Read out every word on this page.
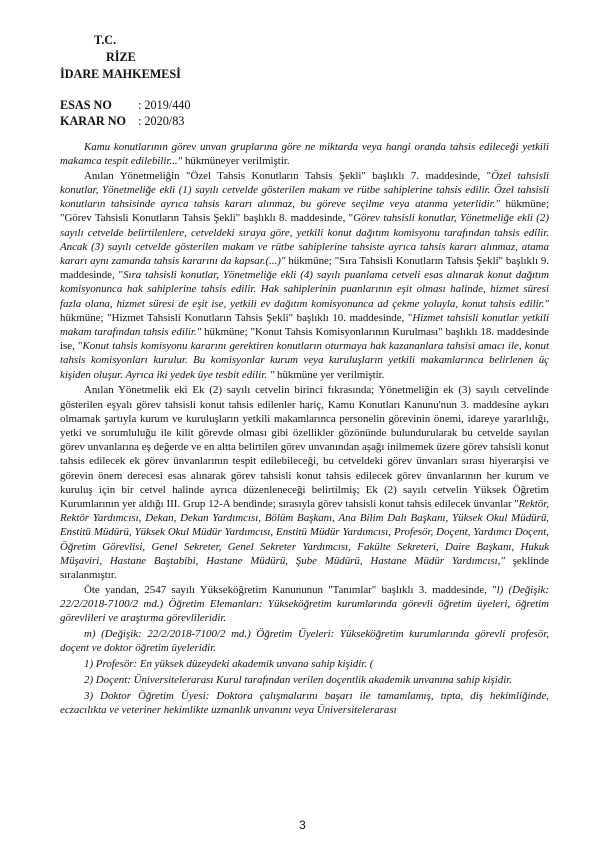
T.C.
RİZE
İDARE MAHKEMESİ
ESAS NO : 2019/440
KARAR NO : 2020/83

Kamu konutlarının görev unvan gruplarına göre ne miktarda veya hangi oranda tahsis edileceği yetkili makamca tespit edilebilir..." hükmüneyer verilmiştir.

Anılan Yönetmeliğin "Özel Tahsis Konutların Tahsis Şekli" başlıklı 7. maddesinde, "Özel tahsisli konutlar, Yönetmeliğe ekli (1) sayılı cetvelde gösterilen makam ve rütbe sahiplerine tahsis edilir. Özel tahsisli konutların tahsisinde ayrıca tahsis kararı alınmaz, bu göreve seçilme veya atanma yeterlidir." hükmüne; "Görev Tahsisli Konutların Tahsis Şekli" başlıklı 8. maddesinde, "Görev tahsisli konutlar, Yönetmeliğe ekli (2) sayılı cetvelde belirtilenlere, cetveldeki sıraya göre, yetkili konut dağıtım komisyonu tarafından tahsis edilir. Ancak (3) sayılı cetvelde gösterilen makam ve rütbe sahiplerine tahsiste ayrıca tahsis kararı alınmaz, atama kararı aynı zamanda tahsis kararını da kapsar.(...)" hükmüne; "Sıra Tahsisli Konutların Tahsis Şekli" başlıklı 9. maddesinde, "Sıra tahsisli konutlar, Yönetmeliğe ekli (4) sayılı puanlama cetveli esas alınarak konut dağıtım komisyonunca hak sahiplerine tahsis edilir. Hak sahiplerinin puanlarının eşit olması halinde, hizmet süresi fazla olana, hizmet süresi de eşit ise, yetkili ev dağıtım komisyonunca ad çekme yoluyla, konut tahsis edilir." hükmüne; "Hizmet Tahsisli Konutların Tahsis Şekli" başlıklı 10. maddesinde, "Hizmet tahsisli konutlar yetkili makam tarafından tahsis edilir." hükmüne; "Konut Tahsis Komisyonlarının Kurulması" başlıklı 18. maddesinde ise, "Konut tahsis komisyonu kararını gerektiren konutların oturmaya hak kazananlara tahsisi amacı ile, konut tahsis komisyonları kurulur. Bu komisyonlar kurum veya kuruluşların yetkili makamlarınca belirlenen üç kişiden oluşur. Ayrıca iki yedek üye tesbit edilir. " hükmüne yer verilmiştir.

Anılan Yönetmelik eki Ek (2) sayılı cetvelin birinci fıkrasında; Yönetmeliğin ek (3) sayılı cetvelinde gösterilen eşyalı görev tahsisli konut tahsis edilenler hariç, Kamu Konutları Kanunu'nun 3. maddesine aykırı olmamak şartıyla kurum ve kuruluşların yetkili makamlarınca personelin görevinin önemi, idareye yararlılığı, yetki ve sorumluluğu ile kilit görevde olması gibi özellikler gözönünde bulundurularak bu cetvelde sayılan görev unvanlarına eş değerde ve en altta belirtilen görev unvanından aşağı inilmemek üzere görev tahsisli konut tahsis edilecek ek görev ünvanlarının tespit edilebileceği, bu cetveldeki görev ünvanları sırası hiyerarşisi ve görevin önem derecesi esas alınarak görev tahsisli konut tahsis edilecek görev ünvanlarının her kurum ve kuruluş için bir cetvel halinde ayrıca düzenleneceği belirtilmiş; Ek (2) sayılı cetvelin Yüksek Öğretim Kurumlarının yer aldığı III. Grup 12-A bendinde; sırasıyla görev tahsisli konut tahsis edilecek ünvanlar ''Rektör, Rektör Yardımcısı, Dekan, Dekan Yardımcısı, Bölüm Başkanı, Ana Bilim Dalı Başkanı, Yüksek Okul Müdürü, Enstitü Müdürü, Yüksek Okul Müdür Yardımcısı, Enstitü Müdür Yardımcısı, Profesör, Doçent, Yardımcı Doçent, Öğretim Görevlisi, Genel Sekreter, Genel Sekreter Yardımcısı, Fakülte Sekreteri, Daire Başkanı, Hukuk Müşaviri, Hastane Baştabibi, Hastane Müdürü, Şube Müdürü, Hastane Müdür Yardımcısı," şeklinde sıralanmıştır.

Öte yandan, 2547 sayılı Yükseköğretim Kanununun "Tanımlar" başlıklı 3. maddesinde, "l) (Değişik: 22/2/2018-7100/2 md.) Öğretim Elemanları: Yükseköğretim kurumlarında görevli öğretim üyeleri, öğretim görevlileri ve araştırma görevlileridir.

m) (Değişik: 22/2/2018-7100/2 md.) Öğretim Üyeleri: Yükseköğretim kurumlarında görevli profesör, doçent ve doktor öğretim üyeleridir.

1) Profesör: En yüksek düzeydeki akademik unvana sahip kişidir. (

2) Doçent: Üniversitelerarası Kurul tarafından verilen doçentlik akademik unvanına sahip kişidir.

3) Doktor Öğretim Üyesi: Doktora çalışmalarını başarı ile tamamlamış, tıpta, diş hekimliğinde, eczacılıkta ve veteriner hekimlikte uzmanlık unvanını veya Üniversitelerarası

3
